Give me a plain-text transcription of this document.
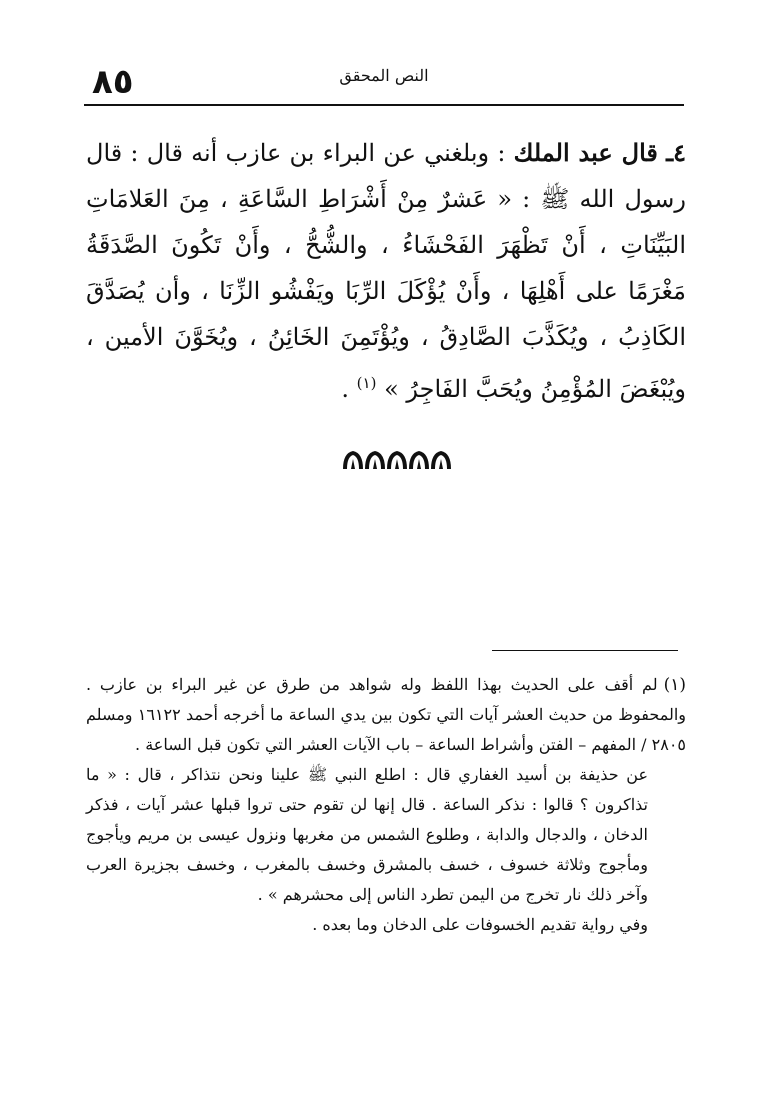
٨٥	النص المحقق
٤ـ قال عبد الملك : وبلغني عن البراء بن عازب أنه قال : قال رسول الله ﷺ : « عَشرٌ مِنْ أَشْرَاطِ السَّاعَةِ ، مِنَ العَلامَاتِ البَيِّنَاتِ ، أَنْ تَظْهَرَ الفَحْشَاءُ ، والشُّحُّ ، وأَنْ تَكُونَ الصَّدَقَةُ مَغْرَمًا على أَهْلِهَا ، وأَنْ يُؤْكَلَ الرِّبَا ويَفْشُو الزِّنَا ، وأن يُصَدَّقَ الكَاذِبُ ، ويُكَذَّبَ الصَّادِقُ ، ويُؤْتَمِنَ الخَائِنُ ، ويُخَوَّنَ الأمين ، ويُبْغَضَ المُؤْمِنُ ويُحَبَّ الفَاجِرُ » $^{(١)}$ .

(١)لم أقف على الحديث بهذا اللفظ وله شواهد من طرق عن غير البراء بن عازب . والمحفوظ من حديث العشر آيات التي تكون بين يدي الساعة ما أخرجه أحمد ١٦١٢٢ ومسلم ٢٨٠٥ / المفهم – الفتن وأشراط الساعة – باب الآيات العشر التي تكون قبل الساعة .

عن حذيفة بن أسيد الغفاري قال : اطلع النبي ﷺ علينا ونحن نتذاكر ، قال : « ما تذاكرون ؟ قالوا : نذكر الساعة . قال إنها لن تقوم حتى تروا قبلها عشر آيات ، فذكر الدخان ، والدجال والدابة ، وطلوع الشمس من مغربها ونزول عيسى بن مريم ويأجوج ومأجوج وثلاثة خسوف ، خسف بالمشرق وخسف بالمغرب ، وخسف بجزيرة العرب وآخر ذلك نار تخرج من اليمن تطرد الناس إلى محشرهم » .

وفي رواية تقديم الخسوفات على الدخان وما بعده .
